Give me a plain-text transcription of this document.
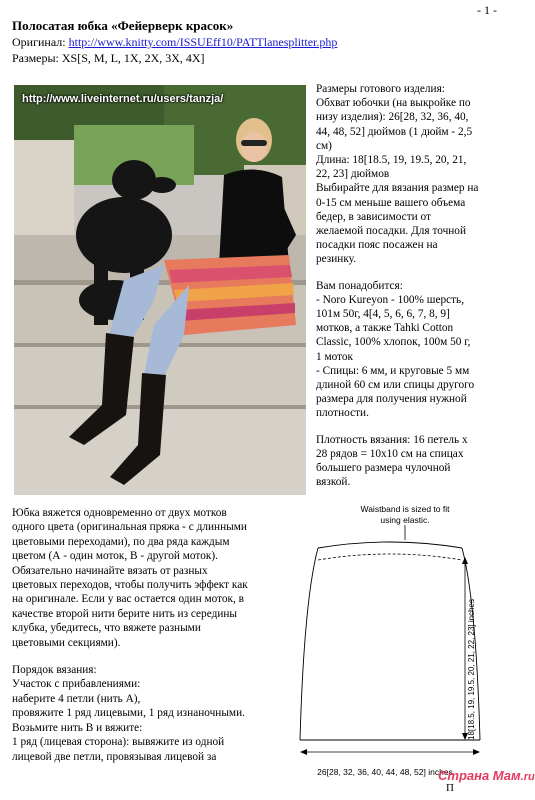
- 1 -
Полосатая юбка «Фейерверк красок»
Оригинал: http://www.knitty.com/ISSUEff10/PATTlanesplitter.php
Размеры: XS[S, M, L, 1X, 2X, 3X, 4X]
http://www.liveinternet.ru/users/tanzja/

Размеры готового изделия:
Обхват юбочки (на выкройке по
низу изделия): 26[28, 32, 36, 40,
44, 48, 52] дюймов (1 дюйм - 2,5
см)
Длина: 18[18.5, 19, 19.5, 20, 21,
22, 23] дюймов
Выбирайте для вязания размер на
0-15 см меньше вашего объема
бедер, в зависимости от
желаемой посадки. Для точной
посадки пояс посажен на
резинку.

Вам понадобится:
- Noro Kureyon - 100% шерсть,
101м 50г, 4[4, 5, 6, 6, 7, 8, 9]
мотков, а также Tahki Cotton
Classic, 100% хлопок, 100м 50 г,
1 моток
- Спицы: 6 мм, и круговые 5 мм
длиной 60 см или спицы другого
размера для получения нужной
плотности.

Плотность вязания: 16 петель х
28 рядов = 10х10 см на спицах
большего размера чулочной
вязкой.

Юбка вяжется одновременно от двух мотков
одного цвета (оригинальная пряжа - с длинными
цветовыми переходами), по два ряда каждым
цветом (А - один моток, В - другой моток).
Обязательно начинайте вязать от разных
цветовых переходов, чтобы получить эффект как
на оригинале. Если у вас остается один моток, в
качестве второй нити берите нить из середины
клубка, убедитесь, что вяжете разными
цветовыми секциями).

Порядок вязания:
Участок с прибавлениями:
наберите 4 петли (нить А),
провяжите 1 ряд лицевыми, 1 ряд изнаночными.
Возьмите нить В и вяжите:
1 ряд (лицевая сторона): вывяжите из одной
лицевой две петли, провязывая лицевой за

Waistband is sized to fit
using elastic.
18[18.5, 19, 19.5, 20, 21, 22, 23] inches
26[28, 32, 36, 40, 44, 48, 52] inches
П
Страна Мам.ru
